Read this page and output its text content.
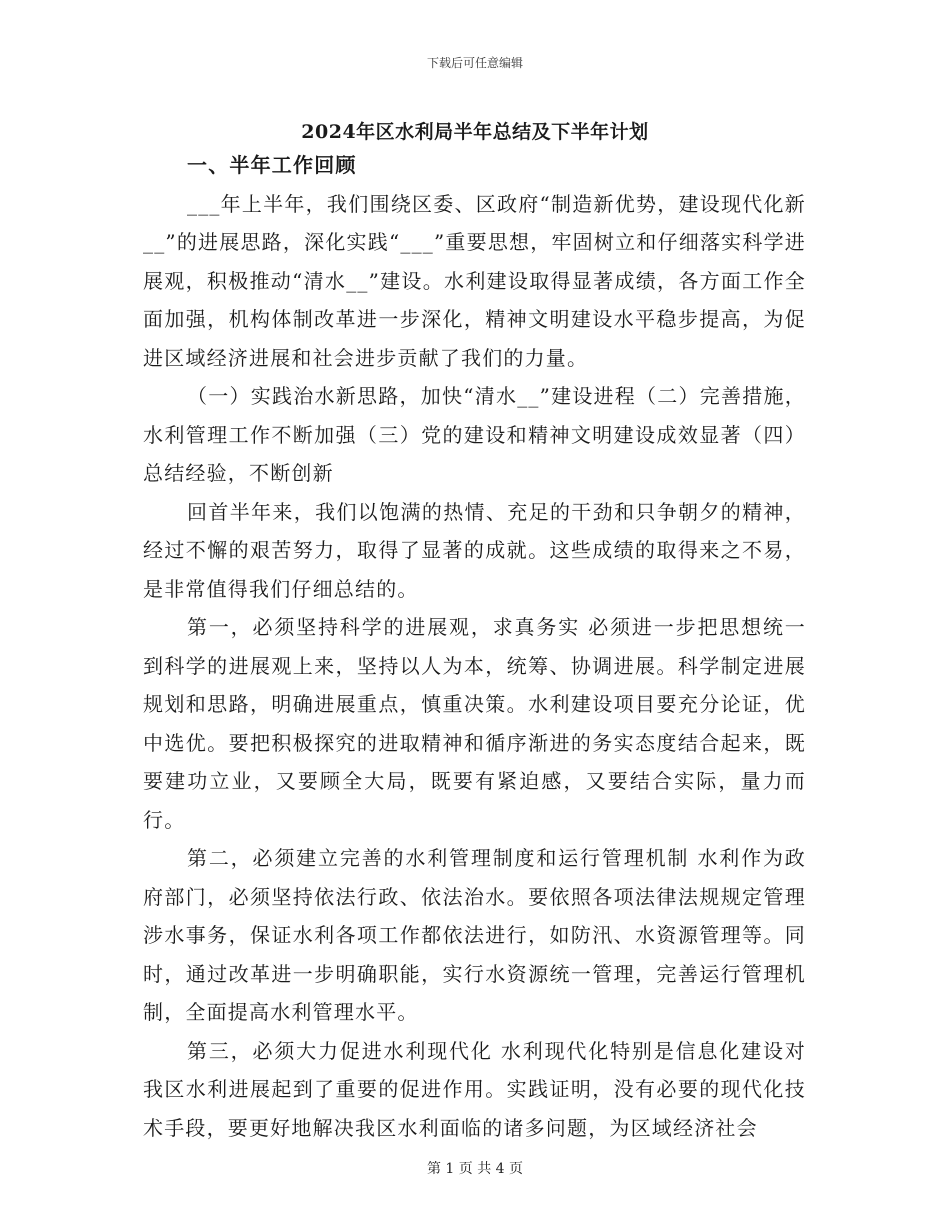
下载后可任意编辑
2024年区水利局半年总结及下半年计划

一、半年工作回顾

___年上半年，我们围绕区委、区政府“制造新优势，建设现代化新__”的进展思路，深化实践“___”重要思想，牢固树立和仔细落实科学进展观，积极推动“清水__”建设。水利建设取得显著成绩，各方面工作全面加强，机构体制改革进一步深化，精神文明建设水平稳步提高，为促进区域经济进展和社会进步贡献了我们的力量。

（一）实践治水新思路，加快“清水__”建设进程（二）完善措施，水利管理工作不断加强（三）党的建设和精神文明建设成效显著（四）总结经验，不断创新

回首半年来，我们以饱满的热情、充足的干劲和只争朝夕的精神，经过不懈的艰苦努力，取得了显著的成就。这些成绩的取得来之不易，是非常值得我们仔细总结的。

第一，必须坚持科学的进展观，求真务实 必须进一步把思想统一到科学的进展观上来，坚持以人为本，统筹、协调进展。科学制定进展规划和思路，明确进展重点，慎重决策。水利建设项目要充分论证，优中选优。要把积极探究的进取精神和循序渐进的务实态度结合起来，既要建功立业，又要顾全大局，既要有紧迫感，又要结合实际，量力而行。

第二，必须建立完善的水利管理制度和运行管理机制 水利作为政府部门，必须坚持依法行政、依法治水。要依照各项法律法规规定管理涉水事务，保证水利各项工作都依法进行，如防汛、水资源管理等。同时，通过改革进一步明确职能，实行水资源统一管理，完善运行管理机制，全面提高水利管理水平。

第三，必须大力促进水利现代化 水利现代化特别是信息化建设对我区水利进展起到了重要的促进作用。实践证明，没有必要的现代化技术手段，要更好地解决我区水利面临的诸多问题，为区域经济社会

第 1 页 共 4 页
